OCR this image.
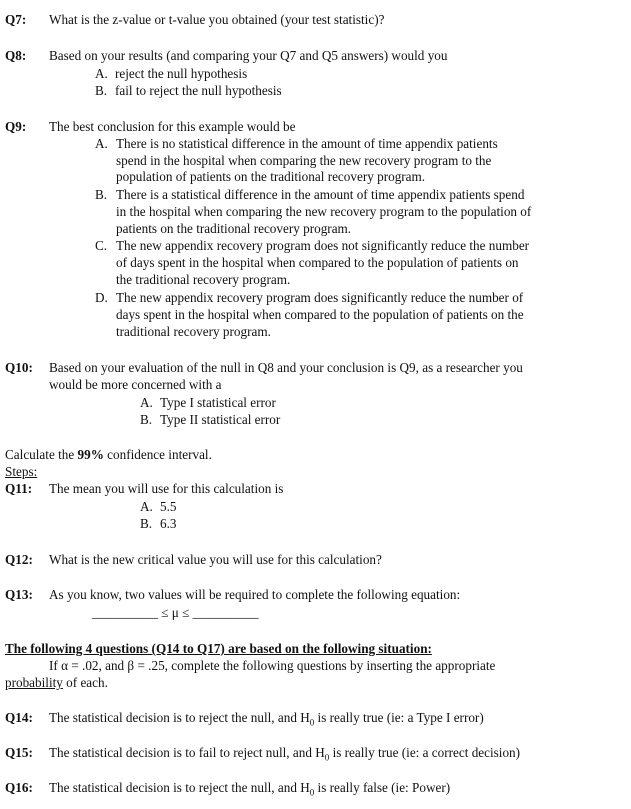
Q7: What is the z-value or t-value you obtained (your test statistic)?
Q8: Based on your results (and comparing your Q7 and Q5 answers) would you
A. reject the null hypothesis
B. fail to reject the null hypothesis
Q9: The best conclusion for this example would be
A. There is no statistical difference in the amount of time appendix patients
spend in the hospital when comparing the new recovery program to the
population of patients on the traditional recovery program.
B. There is a statistical difference in the amount of time appendix patients spend
in the hospital when comparing the new recovery program to the population of
patients on the traditional recovery program.
C. The new appendix recovery program does not significantly reduce the number
of days spent in the hospital when compared to the population of patients on
the traditional recovery program.
D. The new appendix recovery program does significantly reduce the number of
days spent in the hospital when compared to the population of patients on the
traditional recovery program.
Q10: Based on your evaluation of the null in Q8 and your conclusion is Q9, as a researcher you
would be more concerned with a
A. Type I statistical error
B. Type II statistical error
Calculate the 99% confidence interval.
Steps:
Q11: The mean you will use for this calculation is
A. 5.5
B. 6.3
Q12: What is the new critical value you will use for this calculation?
Q13: As you know, two values will be required to complete the following equation:
__________ ≤ μ ≤ __________
The following 4 questions (Q14 to Q17) are based on the following situation:
If α = .02, and β = .25, complete the following questions by inserting the appropriate
probability of each.
Q14: The statistical decision is to reject the null, and $H_0$ is really true (ie: a Type I error)
Q15: The statistical decision is to fail to reject null, and $H_0$ is really true (ie: a correct decision)
Q16: The statistical decision is to reject the null, and $H_0$ is really false (ie: Power)
